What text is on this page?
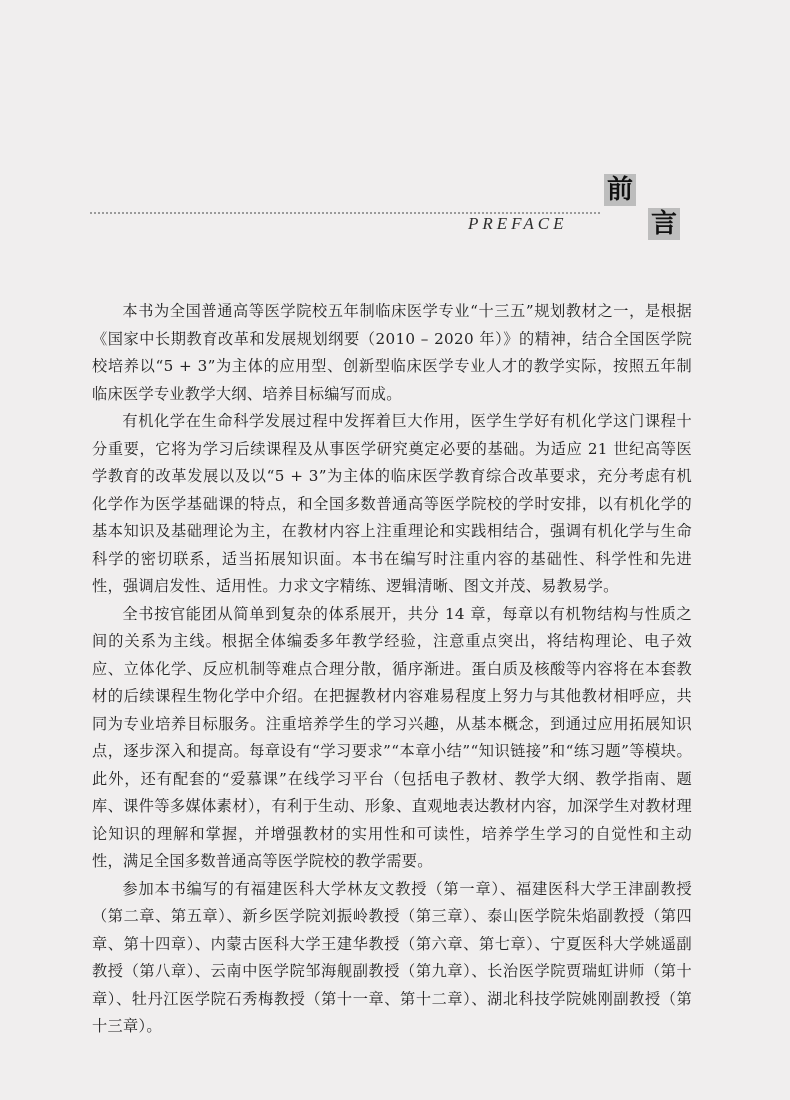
PREFACE
前
言

本书为全国普通高等医学院校五年制临床医学专业“十三五”规划教材之一，是根据《国家中长期教育改革和发展规划纲要（2010 – 2020 年）》的精神，结合全国医学院校培养以“5 + 3”为主体的应用型、创新型临床医学专业人才的教学实际，按照五年制临床医学专业教学大纲、培养目标编写而成。

有机化学在生命科学发展过程中发挥着巨大作用，医学生学好有机化学这门课程十分重要，它将为学习后续课程及从事医学研究奠定必要的基础。为适应 21 世纪高等医学教育的改革发展以及以“5 + 3”为主体的临床医学教育综合改革要求，充分考虑有机化学作为医学基础课的特点，和全国多数普通高等医学院校的学时安排，以有机化学的基本知识及基础理论为主，在教材内容上注重理论和实践相结合，强调有机化学与生命科学的密切联系，适当拓展知识面。本书在编写时注重内容的基础性、科学性和先进性，强调启发性、适用性。力求文字精练、逻辑清晰、图文并茂、易教易学。

全书按官能团从简单到复杂的体系展开，共分 14 章，每章以有机物结构与性质之间的关系为主线。根据全体编委多年教学经验，注意重点突出，将结构理论、电子效应、立体化学、反应机制等难点合理分散，循序渐进。蛋白质及核酸等内容将在本套教材的后续课程生物化学中介绍。在把握教材内容难易程度上努力与其他教材相呼应，共同为专业培养目标服务。注重培养学生的学习兴趣，从基本概念，到通过应用拓展知识点，逐步深入和提高。每章设有“学习要求”“本章小结”“知识链接”和“练习题”等模块。此外，还有配套的“爱慕课”在线学习平台（包括电子教材、教学大纲、教学指南、题库、课件等多媒体素材），有利于生动、形象、直观地表达教材内容，加深学生对教材理论知识的理解和掌握，并增强教材的实用性和可读性，培养学生学习的自觉性和主动性，满足全国多数普通高等医学院校的教学需要。

参加本书编写的有福建医科大学林友文教授（第一章）、福建医科大学王津副教授（第二章、第五章）、新乡医学院刘振岭教授（第三章）、泰山医学院朱焰副教授（第四章、第十四章）、内蒙古医科大学王建华教授（第六章、第七章）、宁夏医科大学姚遥副教授（第八章）、云南中医学院邹海舰副教授（第九章）、长治医学院贾瑞虹讲师（第十章）、牡丹江医学院石秀梅教授（第十一章、第十二章）、湖北科技学院姚刚副教授（第十三章）。
